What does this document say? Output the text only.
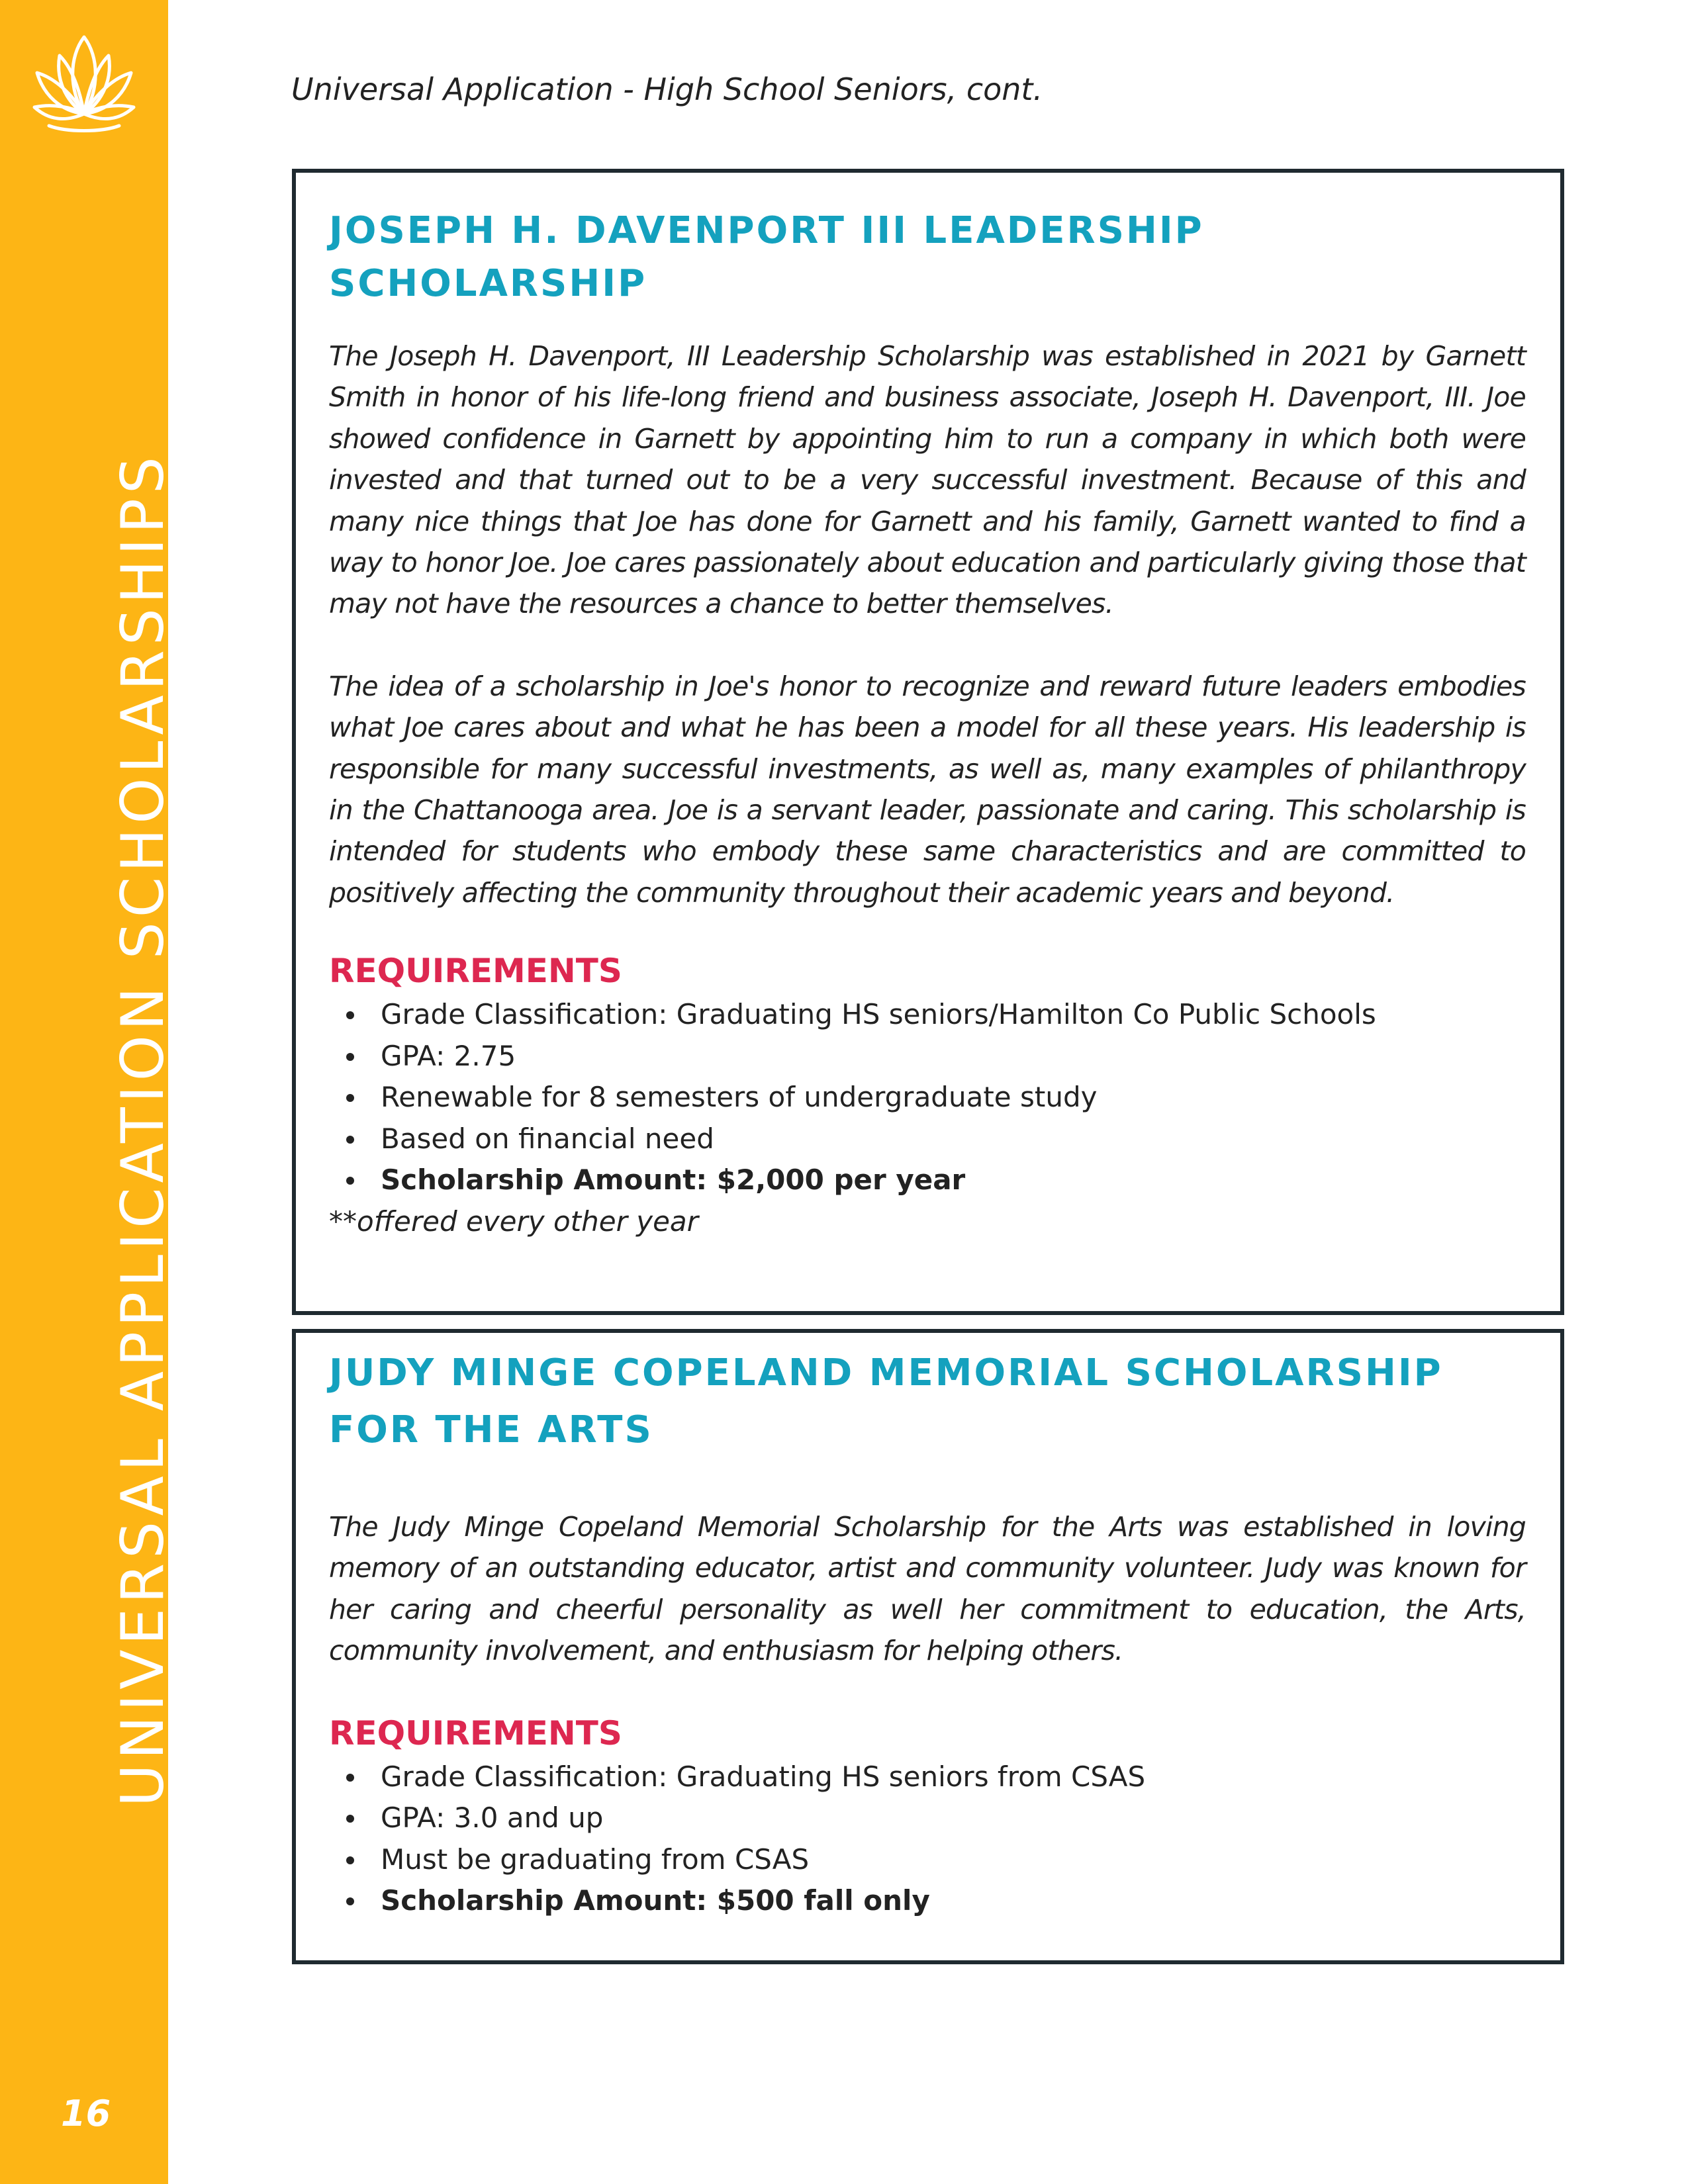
UNIVERSAL APPLICATION SCHOLARSHIPS
16
Universal Application - High School Seniors, cont.
JOSEPH H. DAVENPORT III LEADERSHIP SCHOLARSHIP

The Joseph H. Davenport, III Leadership Scholarship was established in 2021 by Garnett Smith in honor of his life-long friend and business associate, Joseph H. Davenport, III. Joe showed confidence in Garnett by appointing him to run a company in which both were invested and that turned out to be a very successful investment. Because of this and many nice things that Joe has done for Garnett and his family, Garnett wanted to find a way to honor Joe. Joe cares passionately about education and particularly giving those that may not have the resources a chance to better themselves.

The idea of a scholarship in Joe's honor to recognize and reward future leaders embodies what Joe cares about and what he has been a model for all these years. His leadership is responsible for many successful investments, as well as, many examples of philanthropy in the Chattanooga area. Joe is a servant leader, passionate and caring. This scholarship is intended for students who embody these same characteristics and are committed to positively affecting the community throughout their academic years and beyond.

REQUIREMENTS
Grade Classification: Graduating HS seniors/Hamilton Co Public Schools
GPA: 2.75
Renewable for 8 semesters of undergraduate study
Based on financial need
Scholarship Amount: $2,000 per year

**offered every other year

JUDY MINGE COPELAND MEMORIAL SCHOLARSHIP FOR THE ARTS

The Judy Minge Copeland Memorial Scholarship for the Arts was established in loving memory of an outstanding educator, artist and community volunteer. Judy was known for her caring and cheerful personality as well her commitment to education, the Arts, community involvement, and enthusiasm for helping others.

REQUIREMENTS
Grade Classification: Graduating HS seniors from CSAS
GPA: 3.0 and up
Must be graduating from CSAS
Scholarship Amount: $500 fall only
